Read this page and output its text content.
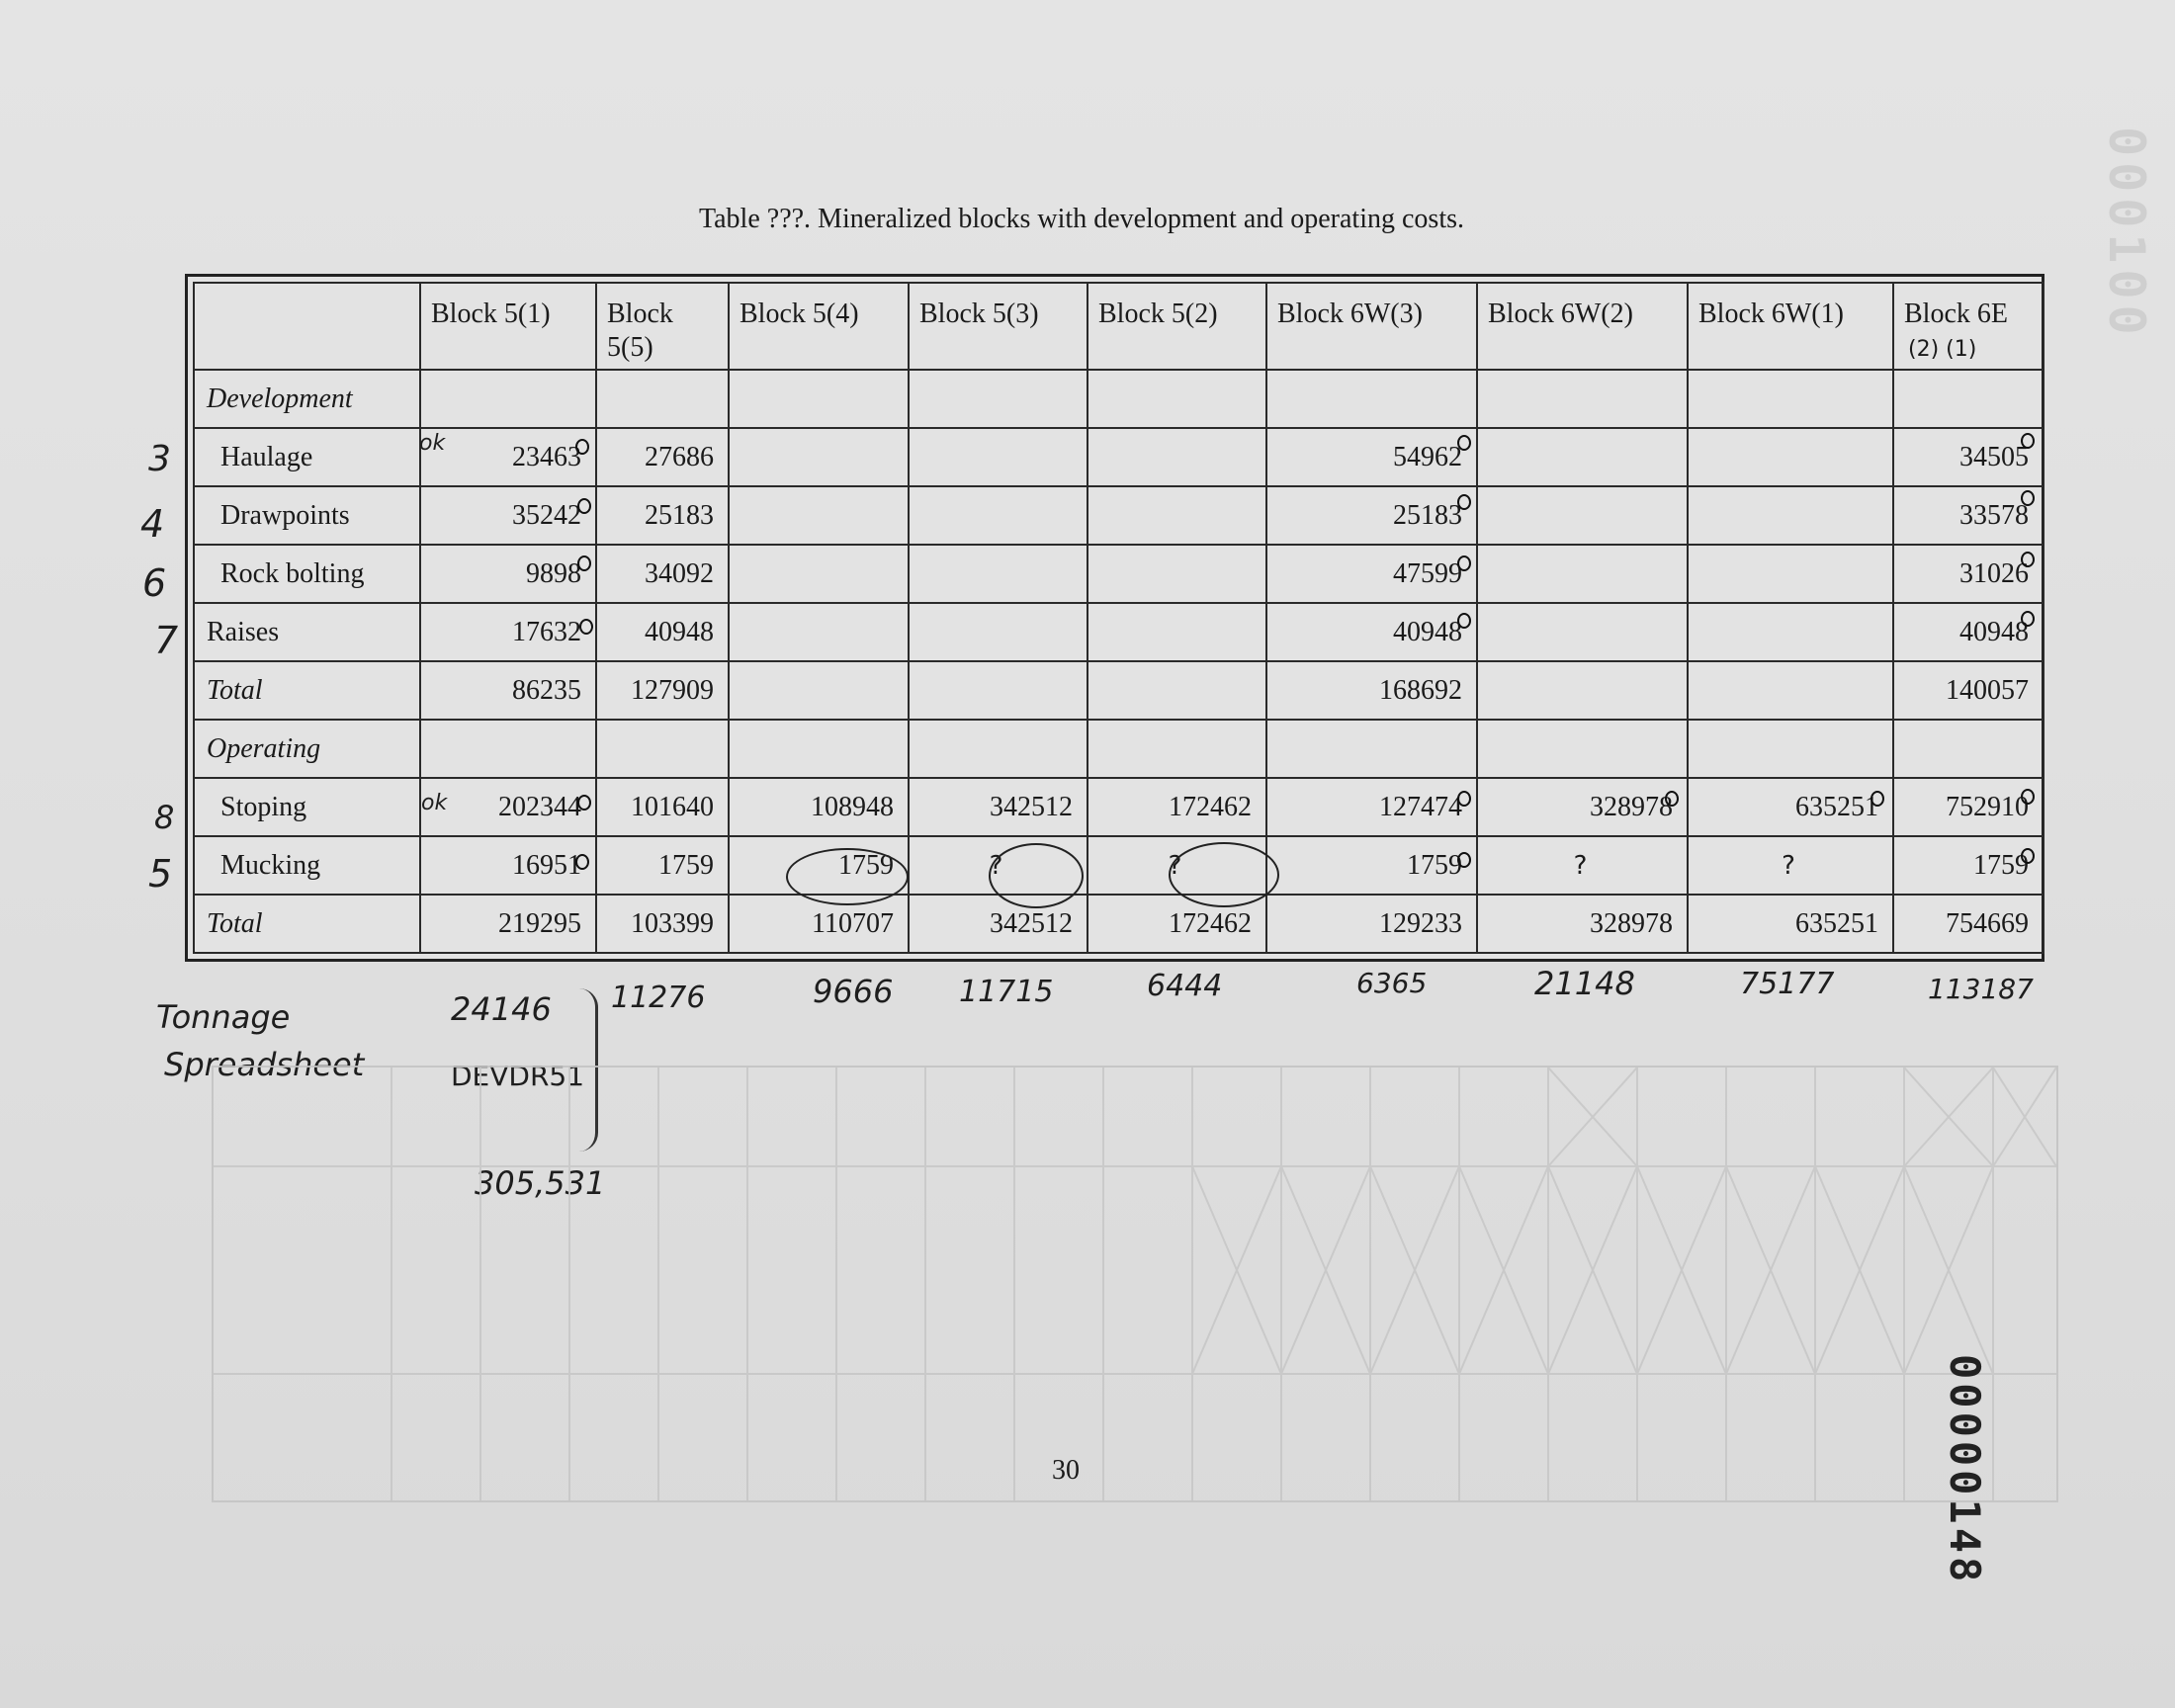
000100
Table ???. Mineralized blocks with development and operating costs.
	Block 5(1)	Block 5(5)	Block 5(4)	Block 5(3)	Block 5(2)	Block 6W(3)	Block 6W(2)	Block 6W(1)	Block 6E
(2) (1)

Development									
Haulage	23463	27686				54962			34505
Drawpoints	35242	25183				25183			33578
Rock bolting	9898	34092				47599			31026
Raises	17632	40948				40948			40948
Total	86235	127909				168692			140057
Operating									
Stoping	202344	101640	108948	342512	172462	127474	328978	635251	752910
Mucking	16951	1759	1759	?	?	1759	?	?	1759
Total	219295	103399	110707	342512	172462	129233	328978	635251	754669
3
4
6
7
8
5
ok
ok
Tonnage
Spreadsheet
24146 11276	9666 11715	6444	6365	21148	75177	113187
DEVDR51
305,531
30	00000148
